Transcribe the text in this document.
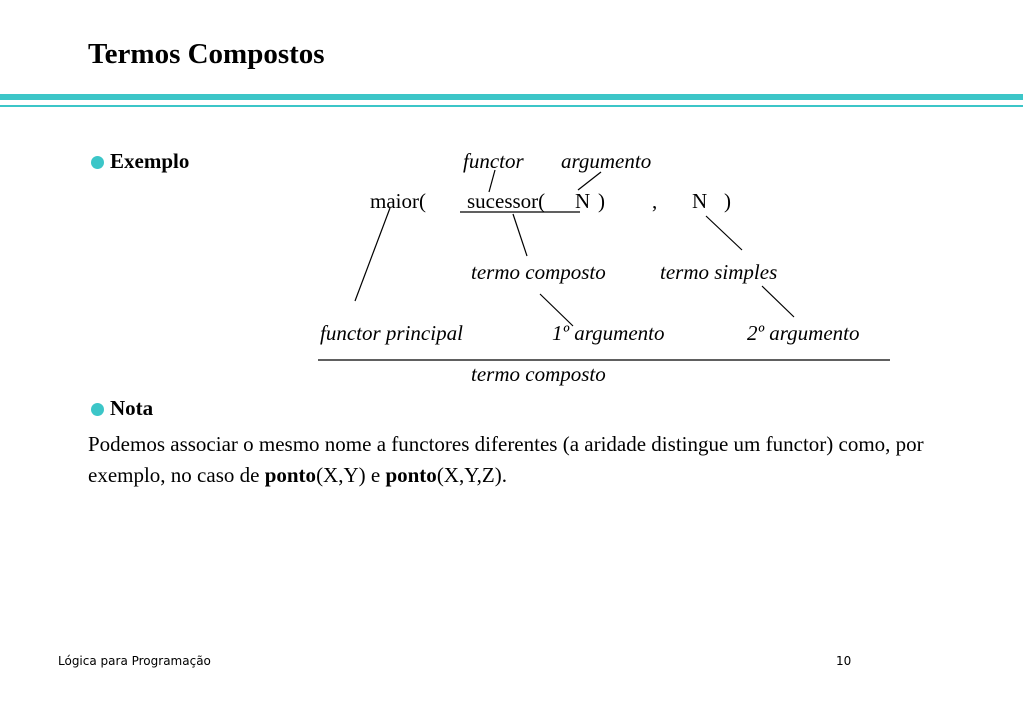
Termos Compostos
Exemplo	functor argumento
maior( sucessor( N ) , N )
termo composto	termo simples
functor principal	1º argumento	2º argumento
termo composto
Nota
Podemos associar o mesmo nome a functores diferentes (a aridade distingue um functor) como, por exemplo, no caso de ponto(X,Y) e ponto(X,Y,Z).
Lógica para Programação	10
